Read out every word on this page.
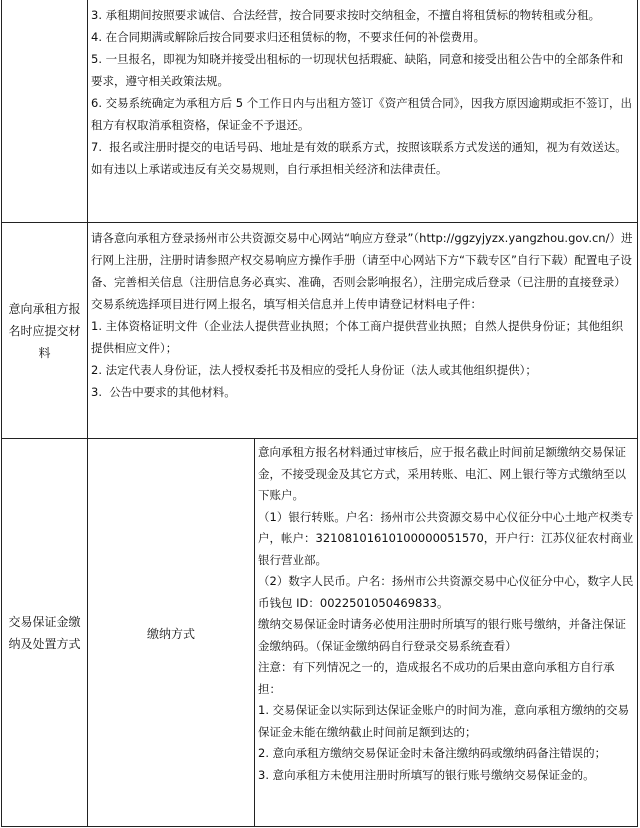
3. 承租期间按照要求诚信、合法经营，按合同要求按时交纳租金，不擅自将租赁标的物转租或分租。

4. 在合同期满或解除后按合同要求归还租赁标的物，不要求任何的补偿费用。

5. 一旦报名，即视为知晓并接受出租标的一切现状包括瑕疵、缺陷，同意和接受出租公告中的全部条件和要求，遵守相关政策法规。

6. 交易系统确定为承租方后 5 个工作日内与出租方签订《资产租赁合同》，因我方原因逾期或拒不签订，出租方有权取消承租资格，保证金不予退还。

7.  报名或注册时提交的电话号码、地址是有效的联系方式，按照该联系方式发送的通知，视为有效送达。

如有违以上承诺或违反有关交易规则，自行承担相关经济和法律责任。

意向承租方报名时应提交材料

请各意向承租方登录扬州市公共资源交易中心网站“响应方登录”（http://ggzyjyzx.yangzhou.gov.cn/）进行网上注册，注册时请参照产权交易响应方操作手册（请至中心网站下方“下载专区”自行下载）配置电子设备、完善相关信息（注册信息务必真实、准确，否则会影响报名），注册完成后登录（已注册的直接登录）交易系统选择项目进行网上报名，填写相关信息并上传申请登记材料电子件：

1. 主体资格证明文件（企业法人提供营业执照；个体工商户提供营业执照；自然人提供身份证；其他组织提供相应文件）；

2. 法定代表人身份证，法人授权委托书及相应的受托人身份证（法人或其他组织提供）；

3.  公告中要求的其他材料。

交易保证金缴纳及处置方式
缴纳方式

意向承租方报名材料通过审核后，应于报名截止时间前足额缴纳交易保证金，不接受现金及其它方式，采用转账、电汇、网上银行等方式缴纳至以下账户。

（1）银行转账。户名：扬州市公共资源交易中心仪征分中心土地产权类专户，帐户：32108101610100000051570，开户行：江苏仪征农村商业银行营业部。

（2）数字人民币。户名：扬州市公共资源交易中心仪征分中心，数字人民币钱包 ID：0022501050469833。

缴纳交易保证金时请务必使用注册时所填写的银行账号缴纳，并备注保证金缴纳码。（保证金缴纳码自行登录交易系统查看）

注意：有下列情况之一的，造成报名不成功的后果由意向承租方自行承担：

1. 交易保证金以实际到达保证金账户的时间为准，意向承租方缴纳的交易保证金未能在缴纳截止时间前足额到达的；

2. 意向承租方缴纳交易保证金时未备注缴纳码或缴纳码备注错误的；

3. 意向承租方未使用注册时所填写的银行账号缴纳交易保证金的。
